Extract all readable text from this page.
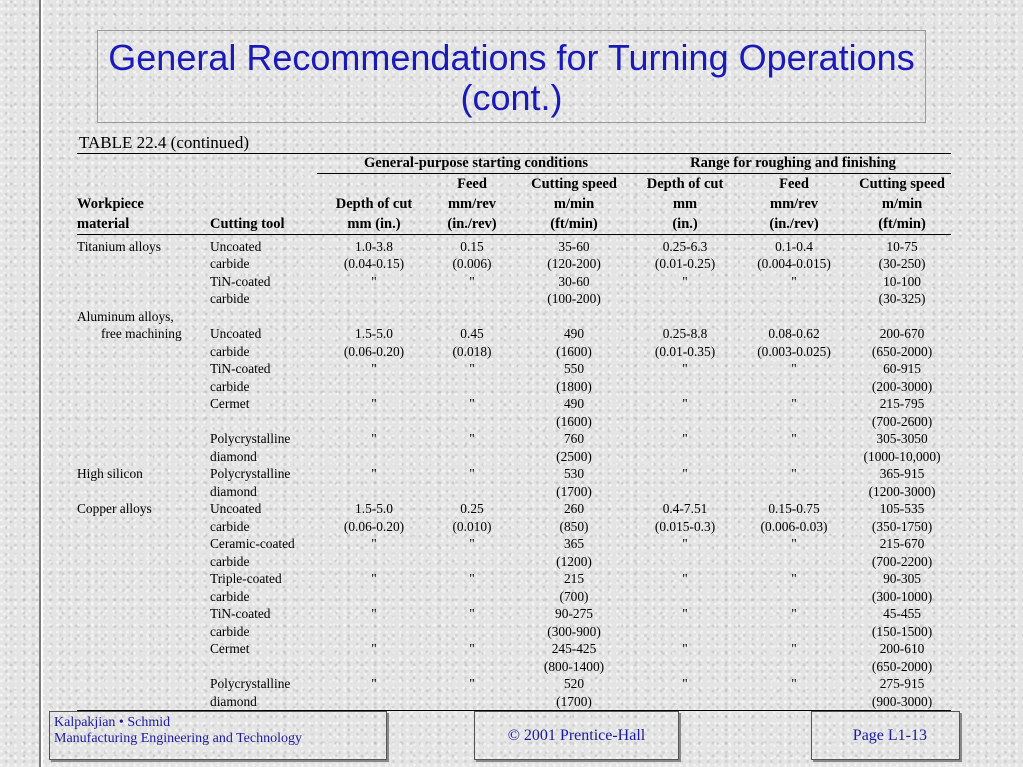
General Recommendations for Turning Operations (cont.)
TABLE 22.4 (continued)
		General-purpose starting conditions			Range for roughing and finishing		
			Feed	Cutting speed	Depth of cut	Feed	Cutting speed
Workpiece		Depth of cut	mm/rev	m/min	mm	mm/rev	m/min
material	Cutting tool	mm (in.)	(in./rev)	(ft/min)	(in.)	(in./rev)	(ft/min)
Titanium alloys	Uncoated	1.0-3.8	0.15	35-60	0.25-6.3	0.1-0.4	10-75
	carbide	(0.04-0.15)	(0.006)	(120-200)	(0.01-0.25)	(0.004-0.015)	(30-250)
	TiN-coated	"	"	30-60	"	"	10-100
	carbide			(100-200)			(30-325)
Aluminum alloys,							
free machining	Uncoated	1.5-5.0	0.45	490	0.25-8.8	0.08-0.62	200-670
	carbide	(0.06-0.20)	(0.018)	(1600)	(0.01-0.35)	(0.003-0.025)	(650-2000)
	TiN-coated	"	"	550	"	"	60-915
	carbide			(1800)			(200-3000)
	Cermet	"	"	490	"	"	215-795
				(1600)			(700-2600)
	Polycrystalline	"	"	760	"	"	305-3050
	diamond			(2500)			(1000-10,000)
High silicon	Polycrystalline	"	"	530	"	"	365-915
	diamond			(1700)			(1200-3000)
Copper alloys	Uncoated	1.5-5.0	0.25	260	0.4-7.51	0.15-0.75	105-535
	carbide	(0.06-0.20)	(0.010)	(850)	(0.015-0.3)	(0.006-0.03)	(350-1750)
	Ceramic-coated	"	"	365	"	"	215-670
	carbide			(1200)			(700-2200)
	Triple-coated	"	"	215	"	"	90-305
	carbide			(700)			(300-1000)
	TiN-coated	"	"	90-275	"	"	45-455
	carbide			(300-900)			(150-1500)
	Cermet	"	"	245-425	"	"	200-610
				(800-1400)			(650-2000)
	Polycrystalline	"	"	520	"	"	275-915
	diamond			(1700)			(900-3000)
Kalpakjian • Schmid
Manufacturing Engineering and Technology	© 2001 Prentice-Hall	Page L1-13
